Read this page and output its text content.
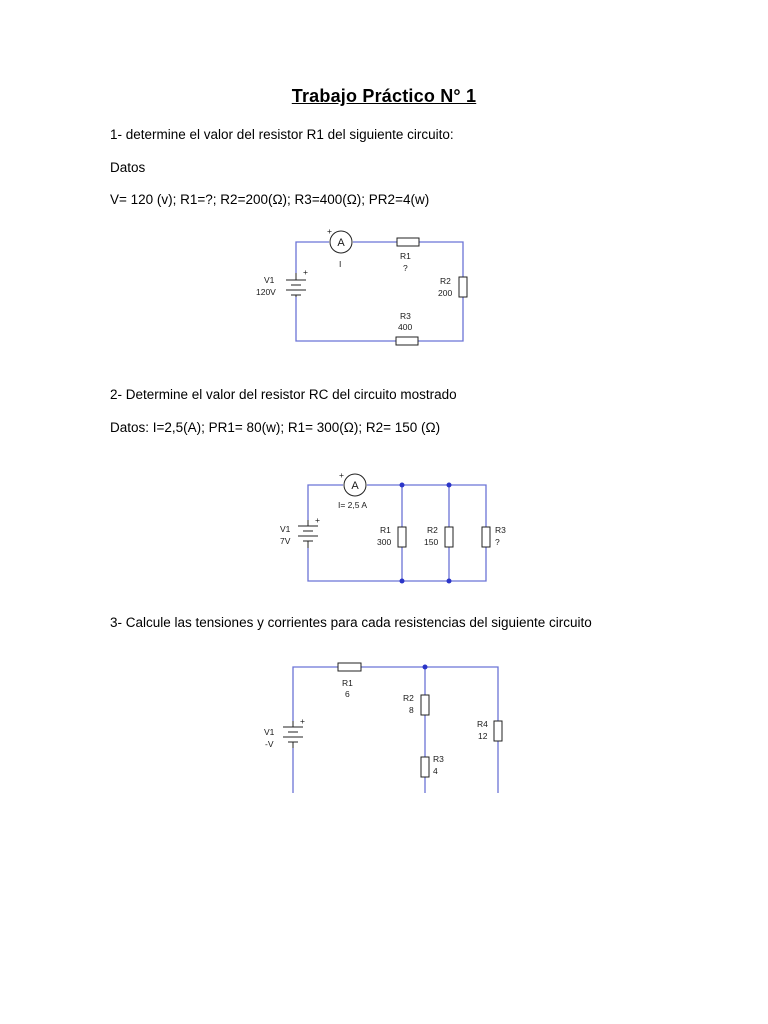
Trabajo Práctico N° 1
1- determine el valor del resistor R1 del siguiente circuito:
Datos
V= 120 (v); R1=?; R2=200(Ω); R3=400(Ω); PR2=4(w)
+
V1
120V
A
+
I
R1
?
R2
200
R3
400
2- Determine el valor del resistor RC del circuito mostrado
Datos: I=2,5(A); PR1= 80(w); R1= 300(Ω); R2= 150 (Ω)
+
V1
7V
A
+
I= 2,5 A
R1
300
R2
150
R3
?
3- Calcule las tensiones y corrientes para cada resistencias del siguiente circuito
+
V1
-V
R1
6	R2
8
R3
4
R4
12
